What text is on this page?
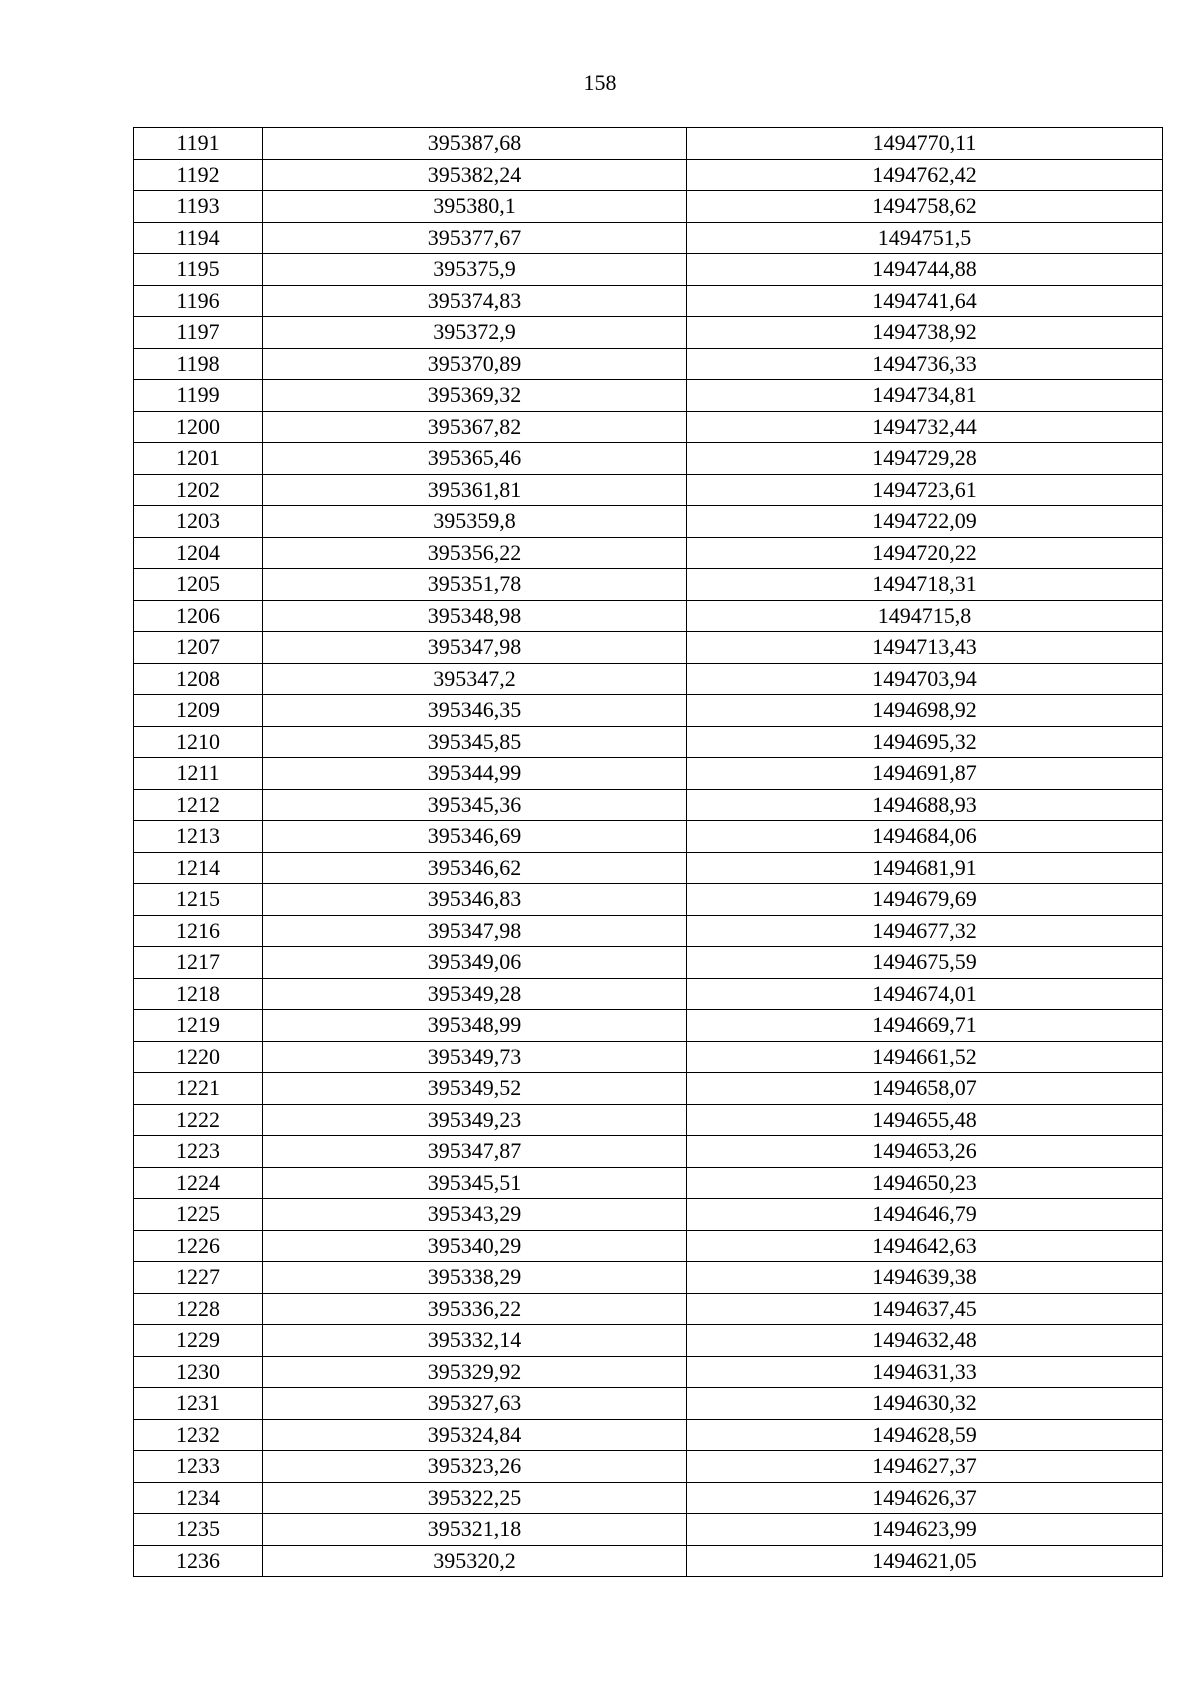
158
1191	395387,68	1494770,11
1192	395382,24	1494762,42
1193	395380,1	1494758,62
1194	395377,67	1494751,5
1195	395375,9	1494744,88
1196	395374,83	1494741,64
1197	395372,9	1494738,92
1198	395370,89	1494736,33
1199	395369,32	1494734,81
1200	395367,82	1494732,44
1201	395365,46	1494729,28
1202	395361,81	1494723,61
1203	395359,8	1494722,09
1204	395356,22	1494720,22
1205	395351,78	1494718,31
1206	395348,98	1494715,8
1207	395347,98	1494713,43
1208	395347,2	1494703,94
1209	395346,35	1494698,92
1210	395345,85	1494695,32
1211	395344,99	1494691,87
1212	395345,36	1494688,93
1213	395346,69	1494684,06
1214	395346,62	1494681,91
1215	395346,83	1494679,69
1216	395347,98	1494677,32
1217	395349,06	1494675,59
1218	395349,28	1494674,01
1219	395348,99	1494669,71
1220	395349,73	1494661,52
1221	395349,52	1494658,07
1222	395349,23	1494655,48
1223	395347,87	1494653,26
1224	395345,51	1494650,23
1225	395343,29	1494646,79
1226	395340,29	1494642,63
1227	395338,29	1494639,38
1228	395336,22	1494637,45
1229	395332,14	1494632,48
1230	395329,92	1494631,33
1231	395327,63	1494630,32
1232	395324,84	1494628,59
1233	395323,26	1494627,37
1234	395322,25	1494626,37
1235	395321,18	1494623,99
1236	395320,2	1494621,05
